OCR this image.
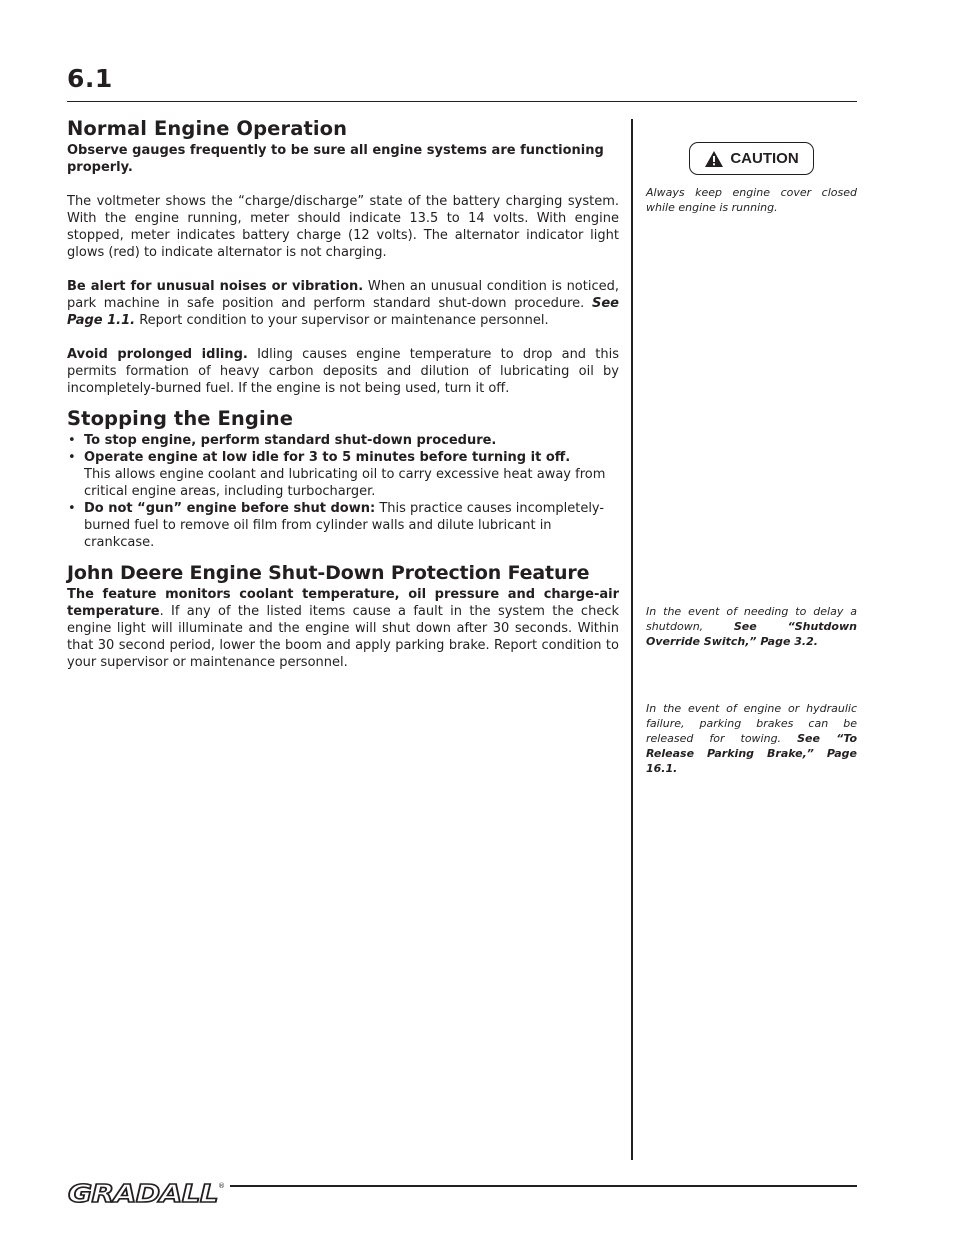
6.1
Normal Engine Operation

Observe gauges frequently to be sure all engine systems are functioning properly.

The voltmeter shows the “charge/discharge” state of the battery charging system. With the engine running, meter should indicate 13.5 to 14 volts. With engine stopped, meter indicates battery charge (12 volts). The alternator indicator light glows (red) to indicate alternator is not charging.

Be alert for unusual noises or vibration. When an unusual condition is noticed, park machine in safe position and perform standard shut-down procedure. See Page 1.1. Report condition to your supervisor or maintenance personnel.

Avoid prolonged idling. Idling causes engine temperature to drop and this permits formation of heavy carbon deposits and dilution of lubricating oil by incompletely-burned fuel. If the engine is not being used, turn it off.

Stopping the Engine
• To stop engine, perform standard shut-down procedure.
• Operate engine at low idle for 3 to 5 minutes before turning it off.
This allows engine coolant and lubricating oil to carry excessive heat away from critical engine areas, including turbocharger.
• Do not “gun” engine before shut down: This practice causes incompletely-burned fuel to remove oil film from cylinder walls and dilute lubricant in crankcase.
John Deere Engine Shut-Down Protection Feature

The feature monitors coolant temperature, oil pressure and charge-air temperature. If any of the listed items cause a fault in the system the check engine light will illuminate and the engine will shut down after 30 seconds. Within that 30 second period, lower the boom and apply parking brake. Report condition to your supervisor or maintenance personnel.

CAUTION

Always keep engine cover closed while engine is running.

In the event of needing to delay a shutdown, See “Shutdown Override Switch,” Page 3.2.

In the event of engine or hydraulic failure, parking brakes can be released for towing. See “To Release Parking Brake,” Page 16.1.

GRADALL ®
